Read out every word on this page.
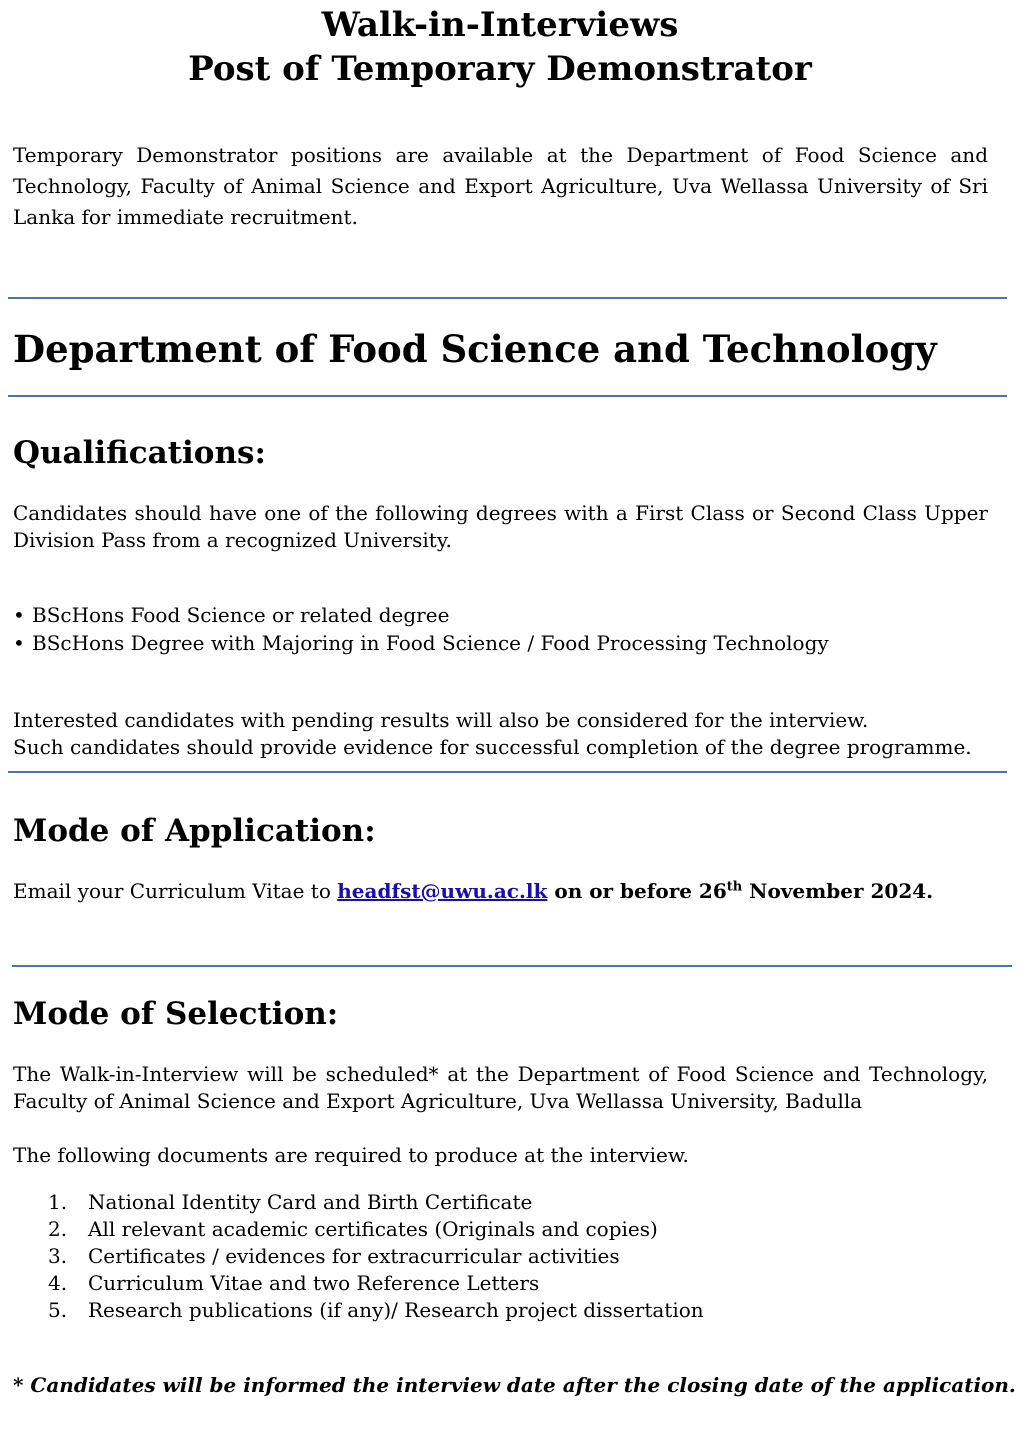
Walk-in-Interviews
Post of Temporary Demonstrator
Temporary Demonstrator positions are available at the Department of Food Science and Technology, Faculty of Animal Science and Export Agriculture, Uva Wellassa University of Sri Lanka for immediate recruitment.
Department of Food Science and Technology
Qualifications:
Candidates should have one of the following degrees with a First Class or Second Class Upper Division Pass from a recognized University.
• BScHons Food Science or related degree
• BScHons Degree with Majoring in Food Science / Food Processing Technology
Interested candidates with pending results will also be considered for the interview.
Such candidates should provide evidence for successful completion of the degree programme.
Mode of Application:
Email your Curriculum Vitae to headfst@uwu.ac.lk on or before 26th November 2024.
Mode of Selection:
The Walk-in-Interview will be scheduled* at the Department of Food Science and Technology, Faculty of Animal Science and Export Agriculture, Uva Wellassa University, Badulla
The following documents are required to produce at the interview.
1. National Identity Card and Birth Certificate
2. All relevant academic certificates (Originals and copies)
3. Certificates / evidences for extracurricular activities
4. Curriculum Vitae and two Reference Letters
5. Research publications (if any)/ Research project dissertation
* Candidates will be informed the interview date after the closing date of the application.
